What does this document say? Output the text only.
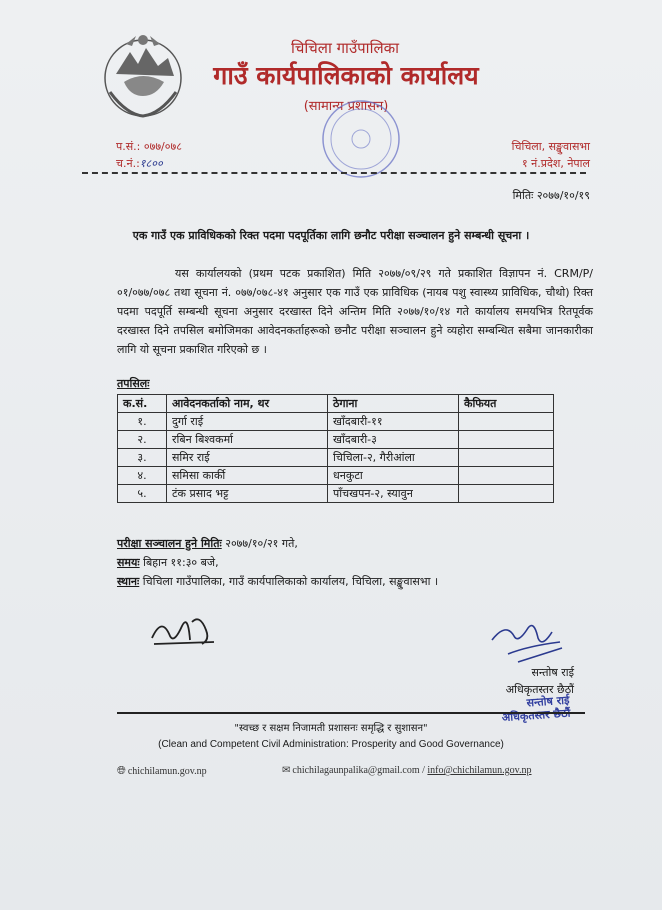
चिचिला गाउँपालिका
गाउँ कार्यपालिकाको कार्यालय
(सामान्य प्रशासन)
प.सं.: ०७७/०७८
च.नं.:१८००
चिचिला, सङ्खुवासभा
१ नं.प्रदेश, नेपाल
मितिः २०७७/१०/१९
एक गाउँ एक प्राविधिकको रिक्त पदमा पदपूर्तिका लागि छनौट परीक्षा सञ्चालन हुने सम्बन्धी सूचना ।
यस कार्यालयको (प्रथम पटक प्रकाशित) मिति २०७७/०९/२९ गते प्रकाशित विज्ञापन नं. CRM/P/०१/०७७/०७८ तथा सूचना नं. ०७७/०७८-४१ अनुसार एक गाउँ एक प्राविधिक (नायब पशु स्वास्थ्य प्राविधिक, चौथो) रिक्त पदमा पदपूर्ति सम्बन्धी सूचना अनुसार दरखास्त दिने अन्तिम मिति २०७७/१०/१४ गते कार्यालय समयभित्र रितपूर्वक दरखास्त दिने तपसिल बमोजिमका आवेदनकर्ताहरूको छनौट परीक्षा सञ्चालन हुने व्यहोरा सम्बन्धित सबैमा जानकारीका लागि यो सूचना प्रकाशित गरिएको छ ।
तपसिलः
क.सं.	आवेदनकर्ताको नाम, थर	ठेगाना	कैफियत
१.	दुर्गा राई	खाँदबारी-११	
२.	रबिन बिश्वकर्मा	खाँदबारी-३	
३.	समिर राई	चिचिला-२, गैरीआंला	
४.	समिसा कार्की	धनकुटा	
५.	टंक प्रसाद भट्ट	पाँचखपन-२, स्यावुन	
परीक्षा सञ्चालन हुने मितिः २०७७/१०/२१ गते,
समयः बिहान ११:३० बजे,
स्थानः चिचिला गाउँपालिका, गाउँ कार्यपालिकाको कार्यालय, चिचिला, सङ्खुवासभा ।
सन्तोष राई
अधिकृतस्तर छैठौं
सन्तोष राई
अधिकृतस्तर छैठौं
"स्वच्छ र सक्षम निजामती प्रशासनः समृद्धि र सुशासन"
(Clean and Competent Civil Administration: Prosperity and Good Governance)
🌐︎ chichilamun.gov.np	✉ chichilagaunpalika@gmail.com / info@chichilamun.gov.np
